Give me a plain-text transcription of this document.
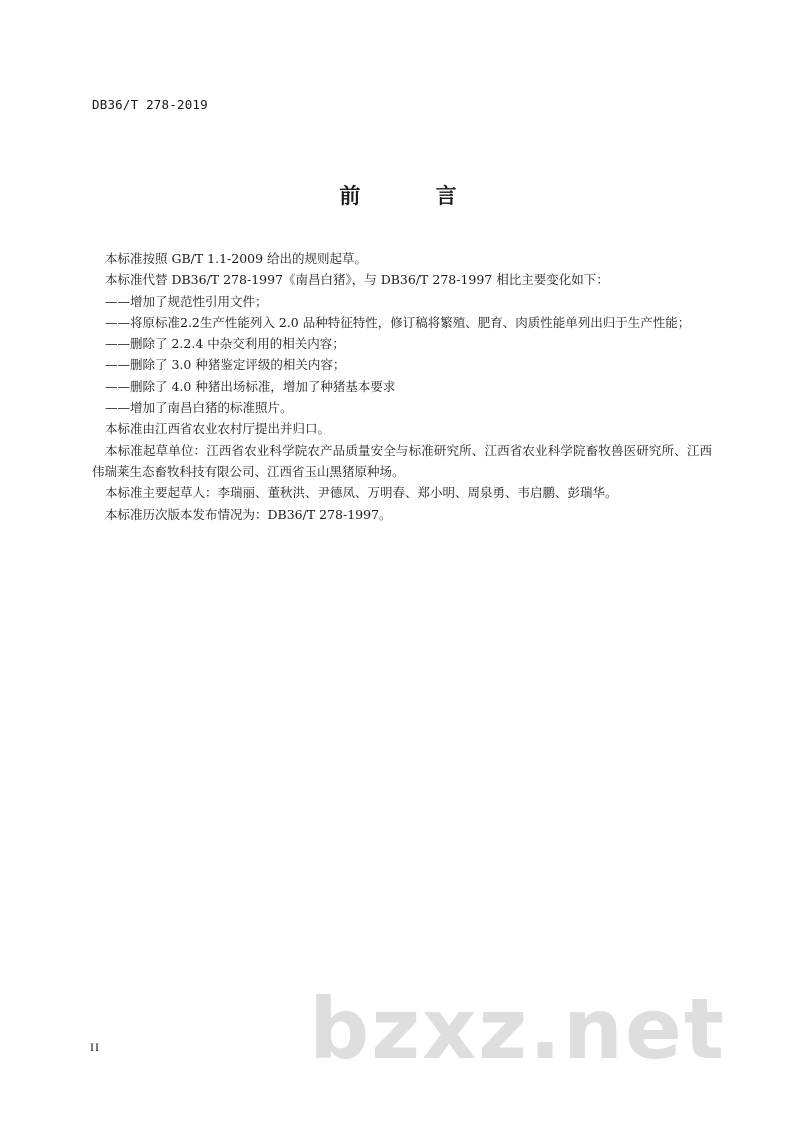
DB36/T 278-2019
前 言

本标准按照 GB/T 1.1-2009 给出的规则起草。

本标准代替 DB36/T 278-1997《南昌白猪》，与 DB36/T 278-1997 相比主要变化如下：

——增加了规范性引用文件；

——将原标准2.2生产性能列入 2.0 品种特征特性，修订稿将繁殖、肥育、肉质性能单列出归于生产性能；

——删除了 2.2.4 中杂交利用的相关内容；

——删除了 3.0 种猪鉴定评级的相关内容；

——删除了 4.0 种猪出场标准，增加了种猪基本要求

——增加了南昌白猪的标准照片。

本标准由江西省农业农村厅提出并归口。

本标准起草单位：江西省农业科学院农产品质量安全与标准研究所、江西省农业科学院畜牧兽医研究所、江西伟瑞莱生态畜牧科技有限公司、江西省玉山黑猪原种场。

本标准主要起草人：李瑞丽、董秋洪、尹德凤、万明春、郑小明、周泉勇、韦启鹏、彭瑞华。

本标准历次版本发布情况为：DB36/T 278-1997。

II bzxz.net
